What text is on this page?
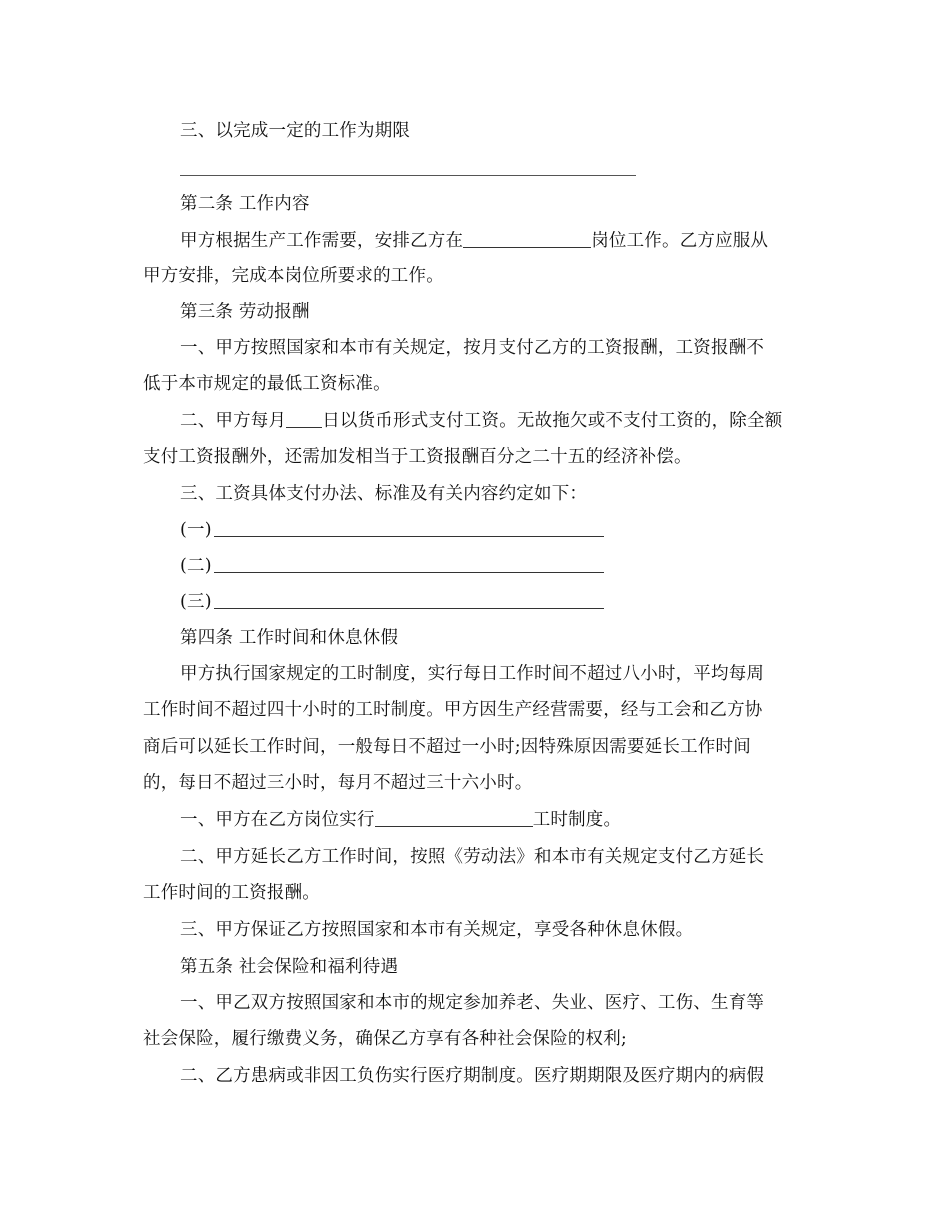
三、以完成一定的工作为期限
第二条 工作内容
甲方根据生产工作需要，安排乙方在	岗位工作。乙方应服从
甲方安排，完成本岗位所要求的工作。
第三条 劳动报酬
一、甲方按照国家和本市有关规定，按月支付乙方的工资报酬，工资报酬不
低于本市规定的最低工资标准。
二、甲方每月 日以货币形式支付工资。无故拖欠或不支付工资的，除全额
支付工资报酬外，还需加发相当于工资报酬百分之二十五的经济补偿。
三、工资具体支付办法、标准及有关内容约定如下：
(一)
(二)
(三)
第四条 工作时间和休息休假
甲方执行国家规定的工时制度，实行每日工作时间不超过八小时，平均每周
工作时间不超过四十小时的工时制度。甲方因生产经营需要，经与工会和乙方协
商后可以延长工作时间，一般每日不超过一小时;因特殊原因需要延长工作时间
的，每日不超过三小时，每月不超过三十六小时。
一、甲方在乙方岗位实行	工时制度。
二、甲方延长乙方工作时间，按照《劳动法》和本市有关规定支付乙方延长
工作时间的工资报酬。
三、甲方保证乙方按照国家和本市有关规定，享受各种休息休假。
第五条 社会保险和福利待遇
一、甲乙双方按照国家和本市的规定参加养老、失业、医疗、工伤、生育等
社会保险，履行缴费义务，确保乙方享有各种社会保险的权利;
二、乙方患病或非因工负伤实行医疗期制度。医疗期期限及医疗期内的病假
